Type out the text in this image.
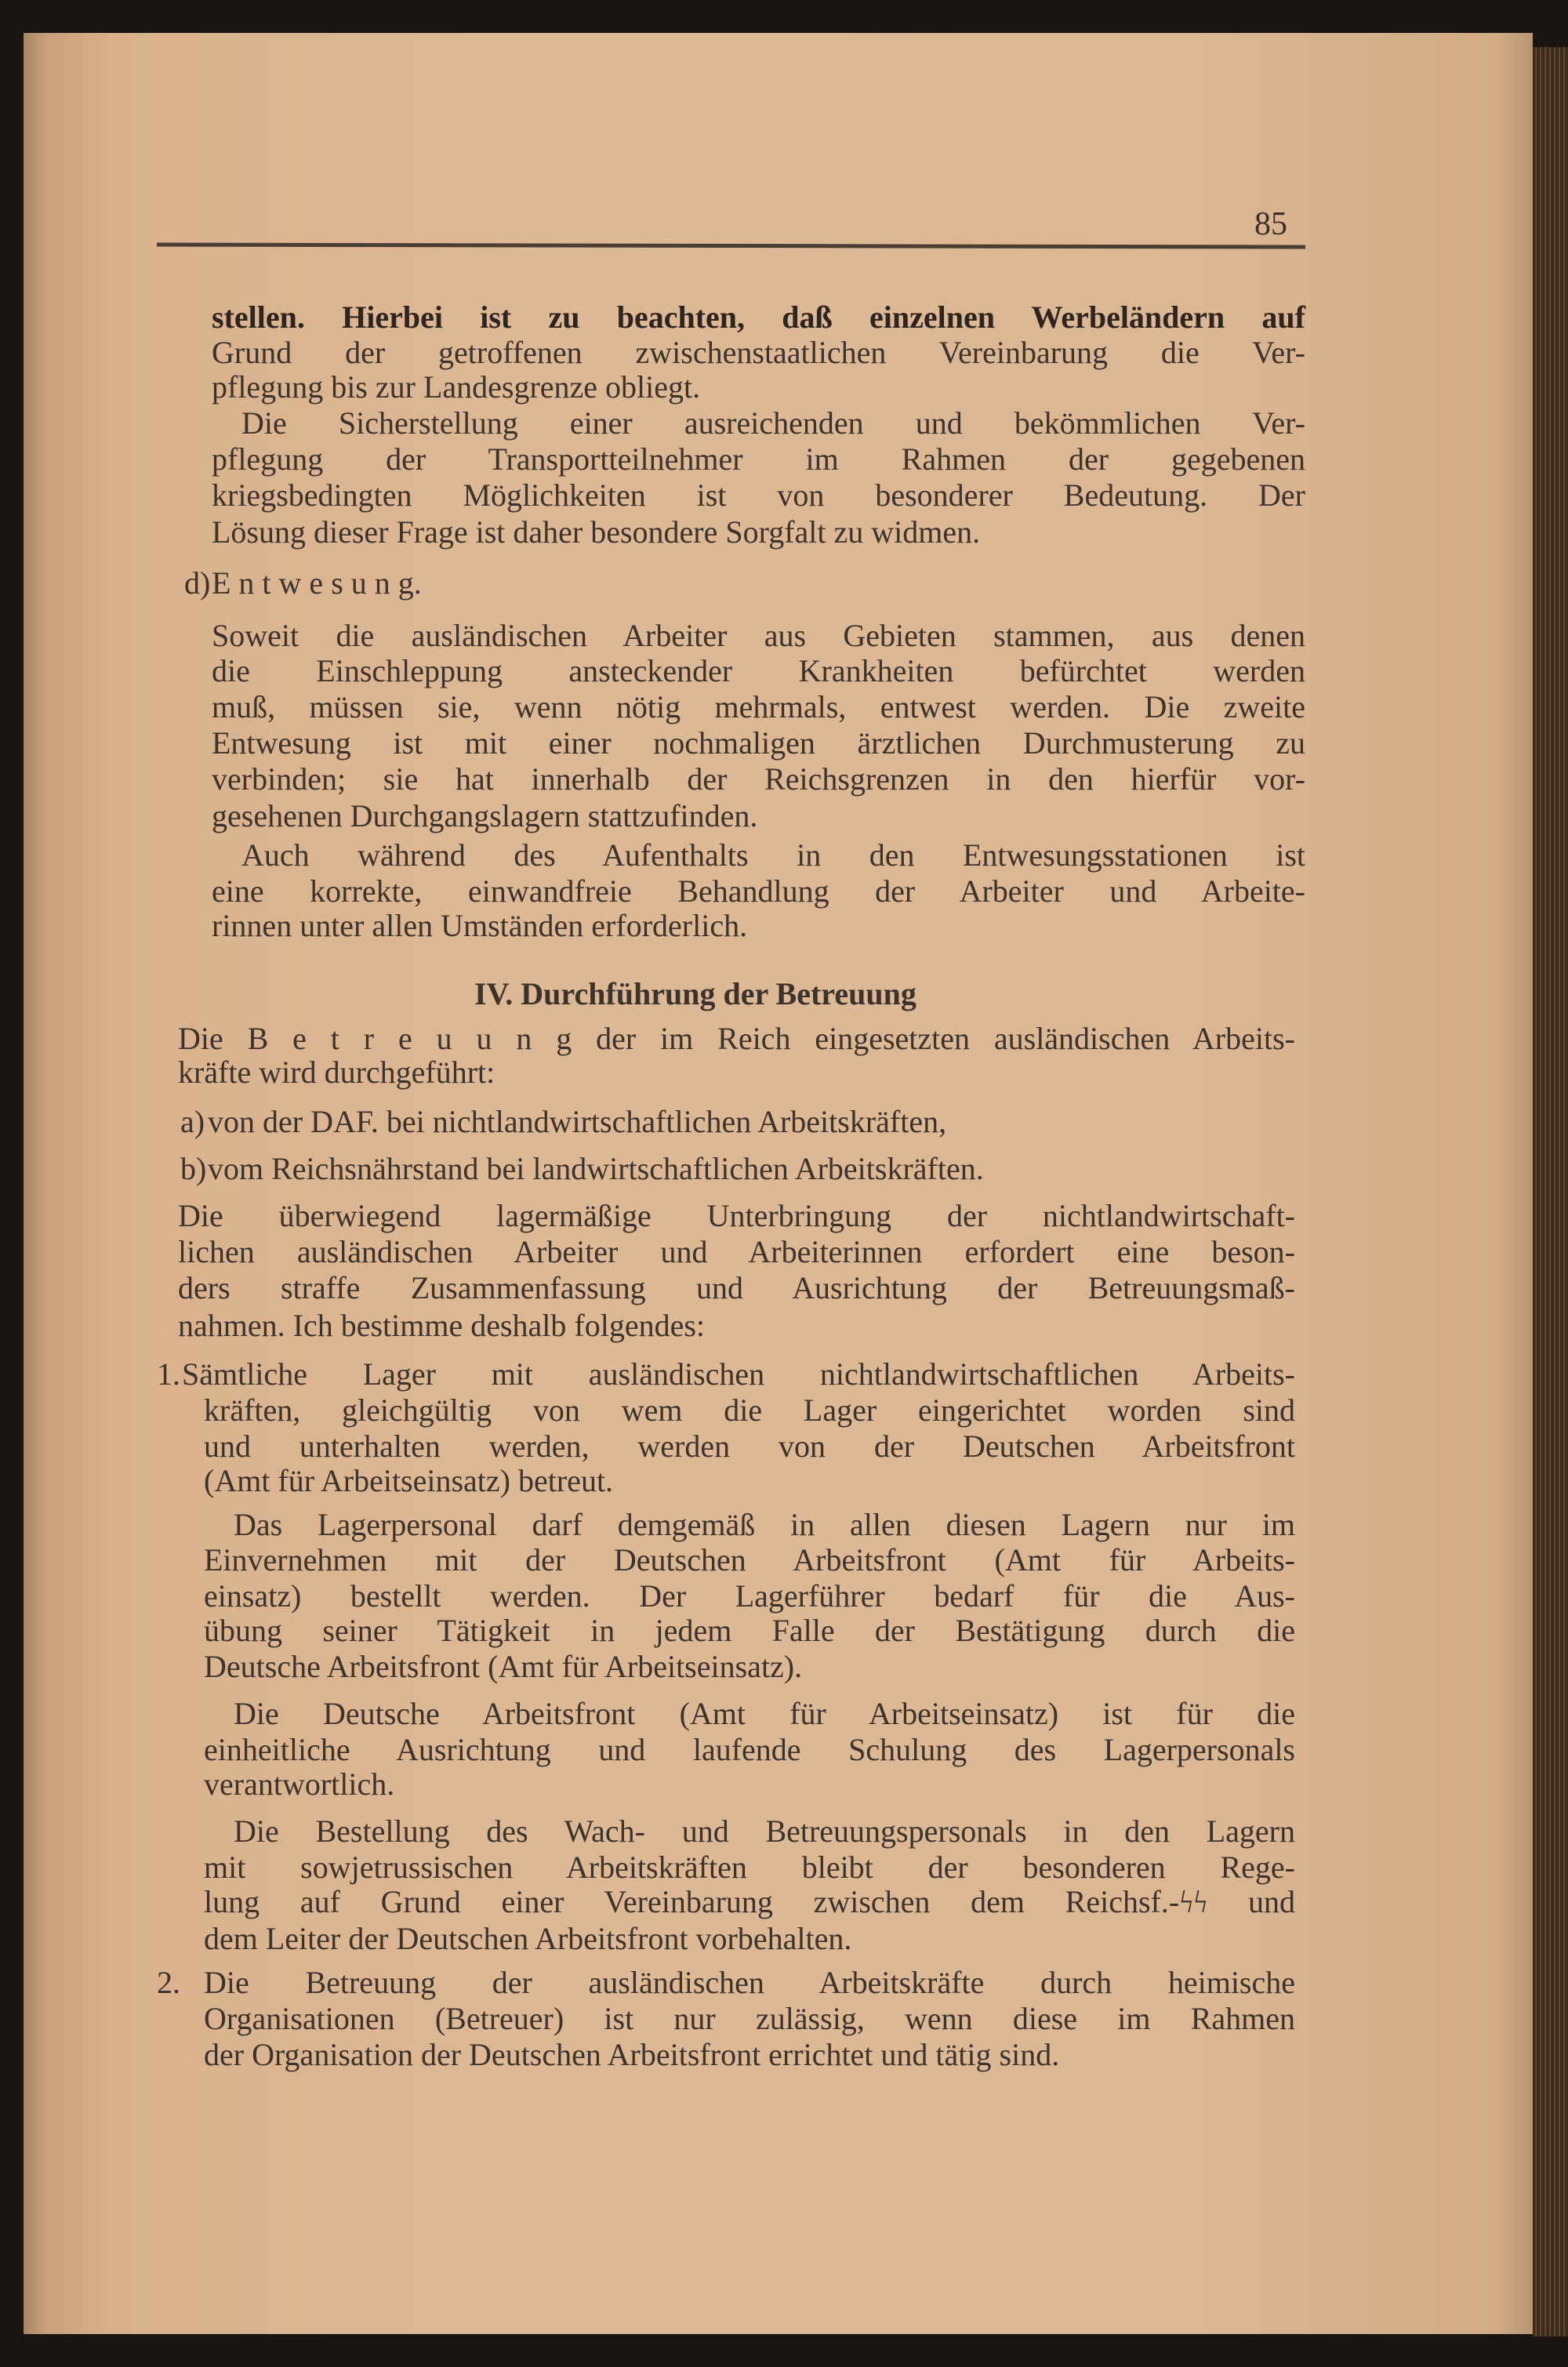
85
stellen. Hierbei ist zu beachten, daß einzelnen Werbeländern auf
Grund der getroffenen zwischenstaatlichen Vereinbarung die Ver-
pflegung bis zur Landesgrenze obliegt.
Die Sicherstellung einer ausreichenden und bekömmlichen Ver-
pflegung der Transportteilnehmer im Rahmen der gegebenen
kriegsbedingten Möglichkeiten ist von besonderer Bedeutung. Der
Lösung dieser Frage ist daher besondere Sorgfalt zu widmen.
E n t w e s u n g.
d)
Soweit die ausländischen Arbeiter aus Gebieten stammen, aus denen
die Einschleppung ansteckender Krankheiten befürchtet werden
muß, müssen sie, wenn nötig mehrmals, entwest werden. Die zweite
Entwesung ist mit einer nochmaligen ärztlichen Durchmusterung zu
verbinden; sie hat innerhalb der Reichsgrenzen in den hierfür vor-
gesehenen Durchgangslagern stattzufinden.
Auch während des Aufenthalts in den Entwesungsstationen ist
eine korrekte, einwandfreie Behandlung der Arbeiter und Arbeite-
rinnen unter allen Umständen erforderlich.
IV. Durchführung der Betreuung
Die B e t r e u u n g der im Reich eingesetzten ausländischen Arbeits-
kräfte wird durchgeführt:
von der DAF. bei nichtlandwirtschaftlichen Arbeitskräften,
a)
vom Reichsnährstand bei landwirtschaftlichen Arbeitskräften.
b)
Die überwiegend lagermäßige Unterbringung der nichtlandwirtschaft-
lichen ausländischen Arbeiter und Arbeiterinnen erfordert eine beson-
ders straffe Zusammenfassung und Ausrichtung der Betreuungsmaß-
nahmen. Ich bestimme deshalb folgendes:
Sämtliche Lager mit ausländischen nichtlandwirtschaftlichen Arbeits-
1.
kräften, gleichgültig von wem die Lager eingerichtet worden sind
und unterhalten werden, werden von der Deutschen Arbeitsfront
(Amt für Arbeitseinsatz) betreut.
Das Lagerpersonal darf demgemäß in allen diesen Lagern nur im
Einvernehmen mit der Deutschen Arbeitsfront (Amt für Arbeits-
einsatz) bestellt werden. Der Lagerführer bedarf für die Aus-
übung seiner Tätigkeit in jedem Falle der Bestätigung durch die
Deutsche Arbeitsfront (Amt für Arbeitseinsatz).
Die Deutsche Arbeitsfront (Amt für Arbeitseinsatz) ist für die
einheitliche Ausrichtung und laufende Schulung des Lagerpersonals
verantwortlich.
Die Bestellung des Wach- und Betreuungspersonals in den Lagern
mit sowjetrussischen Arbeitskräften bleibt der besonderen Rege-
lung auf Grund einer Vereinbarung zwischen dem Reichsf.-ϟϟ und
dem Leiter der Deutschen Arbeitsfront vorbehalten.
Die Betreuung der ausländischen Arbeitskräfte durch heimische
2.
Organisationen (Betreuer) ist nur zulässig, wenn diese im Rahmen
der Organisation der Deutschen Arbeitsfront errichtet und tätig sind.
